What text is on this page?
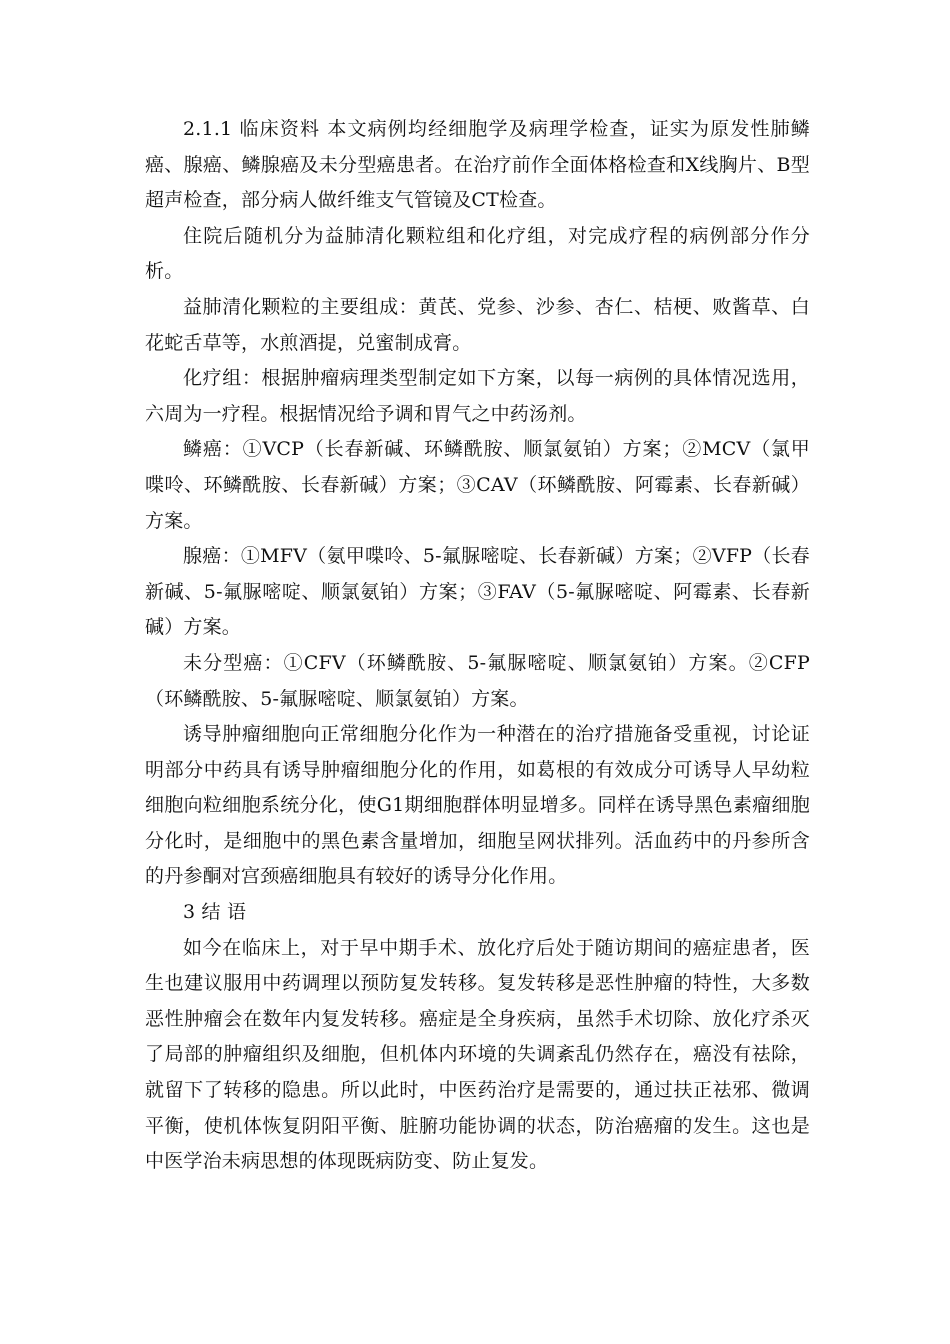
2.1.1 临床资料 本文病例均经细胞学及病理学检查，证实为原发性肺鳞癌、腺癌、鳞腺癌及未分型癌患者。在治疗前作全面体格检查和X线胸片、B型超声检查，部分病人做纤维支气管镜及CT检查。

住院后随机分为益肺清化颗粒组和化疗组，对完成疗程的病例部分作分析。

益肺清化颗粒的主要组成：黄芪、党参、沙参、杏仁、桔梗、败酱草、白花蛇舌草等，水煎酒提，兑蜜制成膏。

化疗组：根据肿瘤病理类型制定如下方案，以每一病例的具体情况选用，六周为一疗程。根据情况给予调和胃气之中药汤剂。

鳞癌：①VCP（长春新碱、环鳞酰胺、顺氯氨铂）方案；②MCV（氯甲喋呤、环鳞酰胺、长春新碱）方案；③CAV（环鳞酰胺、阿霉素、长春新碱）方案。

腺癌：①MFV（氨甲喋呤、5-氟脲嘧啶、长春新碱）方案；②VFP（长春新碱、5-氟脲嘧啶、顺氯氨铂）方案；③FAV（5-氟脲嘧啶、阿霉素、长春新碱）方案。

未分型癌：①CFV（环鳞酰胺、5-氟脲嘧啶、顺氯氨铂）方案。②CFP（环鳞酰胺、5-氟脲嘧啶、顺氯氨铂）方案。

诱导肿瘤细胞向正常细胞分化作为一种潜在的治疗措施备受重视，讨论证明部分中药具有诱导肿瘤细胞分化的作用，如葛根的有效成分可诱导人早幼粒细胞向粒细胞系统分化，使G1期细胞群体明显增多。同样在诱导黑色素瘤细胞分化时，是细胞中的黑色素含量增加，细胞呈网状排列。活血药中的丹参所含的丹参酮对宫颈癌细胞具有较好的诱导分化作用。

3 结 语

如今在临床上，对于早中期手术、放化疗后处于随访期间的癌症患者，医生也建议服用中药调理以预防复发转移。复发转移是恶性肿瘤的特性，大多数恶性肿瘤会在数年内复发转移。癌症是全身疾病，虽然手术切除、放化疗杀灭了局部的肿瘤组织及细胞，但机体内环境的失调紊乱仍然存在，癌没有祛除，就留下了转移的隐患。所以此时，中医药治疗是需要的，通过扶正祛邪、微调平衡，使机体恢复阴阳平衡、脏腑功能协调的状态，防治癌瘤的发生。这也是中医学治未病思想的体现既病防变、防止复发。
